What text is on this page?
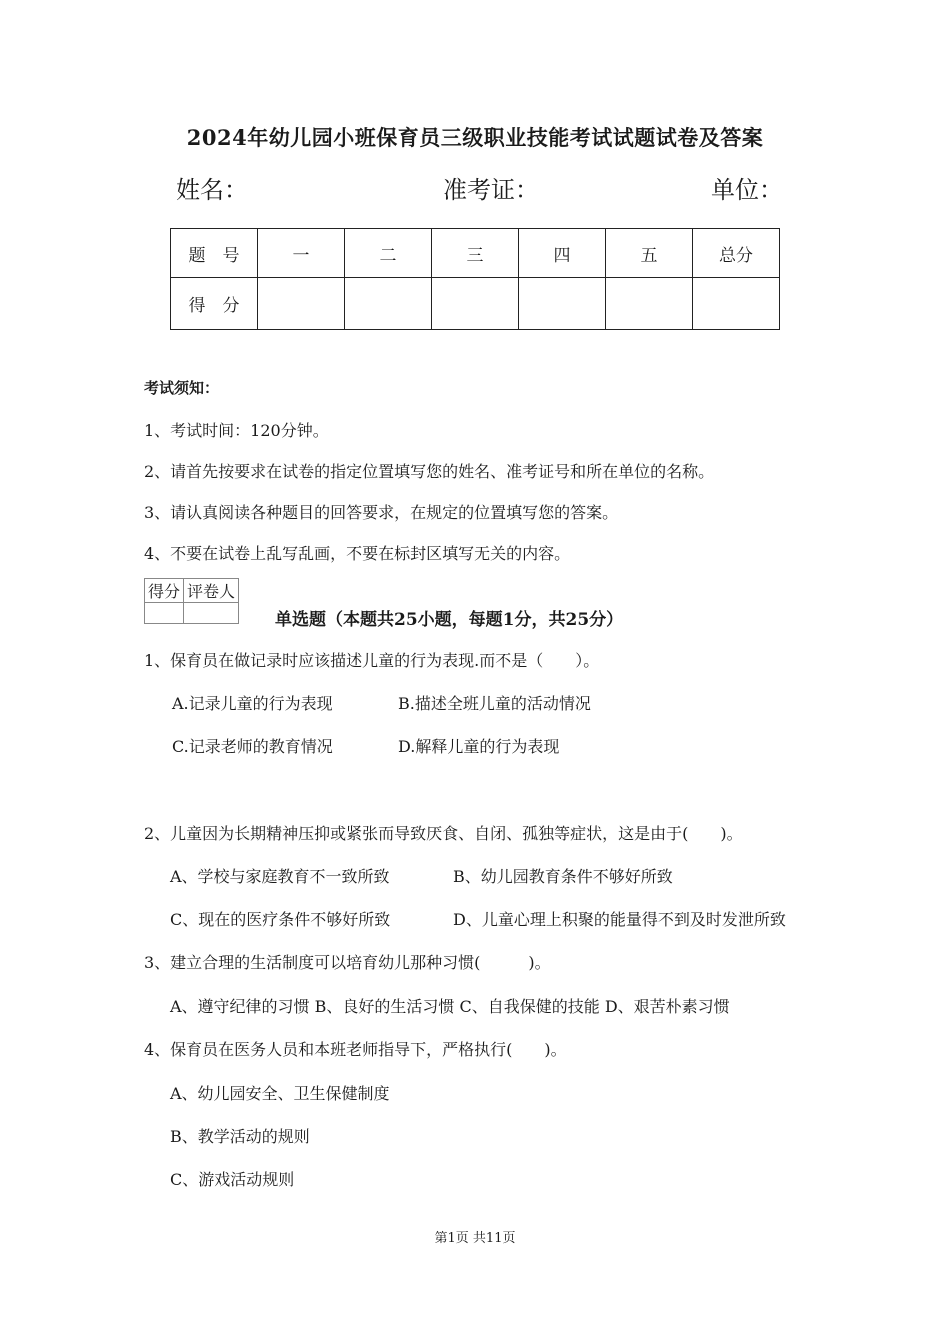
2024年幼儿园小班保育员三级职业技能考试试题试卷及答案
姓名：	准考证：	单位：
题　号	一	二	三	四	五	总分
得　分						
考试须知：
1、考试时间：120分钟。
2、请首先按要求在试卷的指定位置填写您的姓名、准考证号和所在单位的名称。
3、请认真阅读各种题目的回答要求，在规定的位置填写您的答案。
4、不要在试卷上乱写乱画，不要在标封区填写无关的内容。
得分	评卷人

单选题（本题共25小题，每题1分，共25分）
1、保育员在做记录时应该描述儿童的行为表现.而不是（　　）。
A.记录儿童的行为表现	B.描述全班儿童的活动情况
C.记录老师的教育情况	D.解释儿童的行为表现
2、儿童因为长期精神压抑或紧张而导致厌食、自闭、孤独等症状，这是由于(　　)。
A、学校与家庭教育不一致所致	B、幼儿园教育条件不够好所致
C、现在的医疗条件不够好所致	D、儿童心理上积聚的能量得不到及时发泄所致
3、建立合理的生活制度可以培育幼儿那种习惯(　　　)。
A、遵守纪律的习惯 B、良好的生活习惯 C、自我保健的技能 D、艰苦朴素习惯
4、保育员在医务人员和本班老师指导下，严格执行(　　)。
A、幼儿园安全、卫生保健制度
B、教学活动的规则
C、游戏活动规则
第1页 共11页
